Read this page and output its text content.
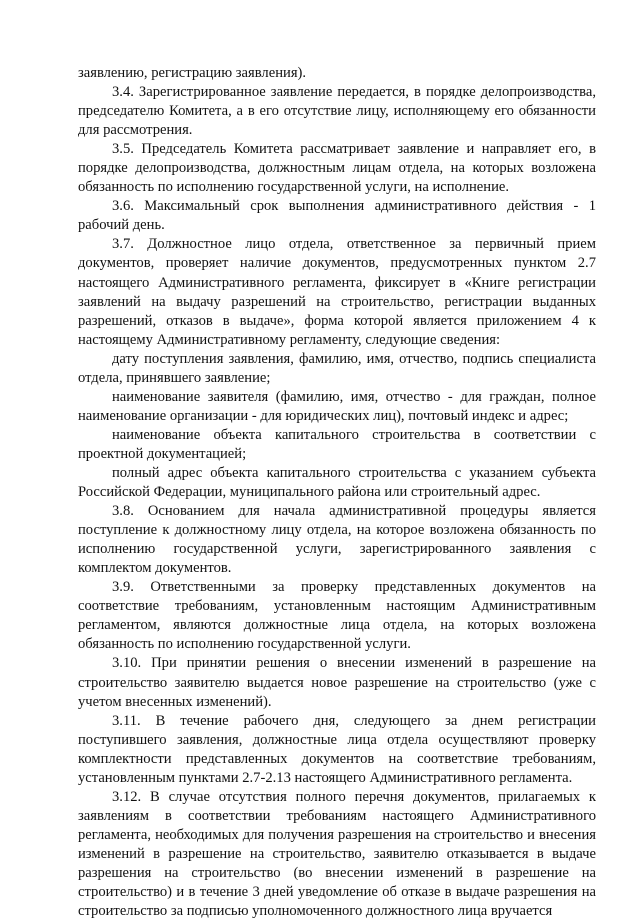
заявлению, регистрацию заявления).

3.4. Зарегистрированное заявление передается, в порядке делопроизводства, председателю Комитета, а в его отсутствие лицу, исполняющему его обязанности для рассмотрения.

3.5. Председатель Комитета рассматривает заявление и направляет его, в порядке делопроизводства, должностным лицам отдела, на которых возложена обязанность по исполнению государственной услуги, на исполнение.

3.6. Максимальный срок выполнения административного действия - 1 рабочий день.

3.7. Должностное лицо отдела, ответственное за первичный прием документов, проверяет наличие документов, предусмотренных пунктом 2.7 настоящего Административного регламента, фиксирует в «Книге регистрации заявлений на выдачу разрешений на строительство, регистрации выданных разрешений, отказов в выдаче», форма которой является приложением 4 к настоящему Административному регламенту, следующие сведения:

дату поступления заявления, фамилию, имя, отчество, подпись специалиста отдела, принявшего заявление;

наименование заявителя (фамилию, имя, отчество - для граждан, полное наименование организации - для юридических лиц), почтовый индекс и адрес;

наименование объекта капитального строительства в соответствии с проектной документацией;

полный адрес объекта капитального строительства с указанием субъекта Российской Федерации, муниципального района или строительный адрес.

3.8. Основанием для начала административной процедуры является поступление к должностному лицу отдела, на которое возложена обязанность по исполнению государственной услуги, зарегистрированного заявления с комплектом документов.

3.9. Ответственными за проверку представленных документов на соответствие требованиям, установленным настоящим Административным регламентом, являются должностные лица отдела, на которых возложена обязанность по исполнению государственной услуги.

3.10. При принятии решения о внесении изменений в разрешение на строительство заявителю выдается новое разрешение на строительство (уже с учетом внесенных изменений).

3.11. В течение рабочего дня, следующего за днем регистрации поступившего заявления, должностные лица отдела осуществляют проверку комплектности представленных документов на соответствие требованиям, установленным пунктами 2.7-2.13 настоящего Административного регламента.

3.12. В случае отсутствия полного перечня документов, прилагаемых к заявлениям в соответствии требованиям настоящего Административного регламента, необходимых для получения разрешения на строительство и внесения изменений в разрешение на строительство, заявителю отказывается в выдаче разрешения на строительство (во внесении изменений в разрешение на строительство) и в течение 3 дней уведомление об отказе в выдаче разрешения на строительство за подписью уполномоченного должностного лица вручается
